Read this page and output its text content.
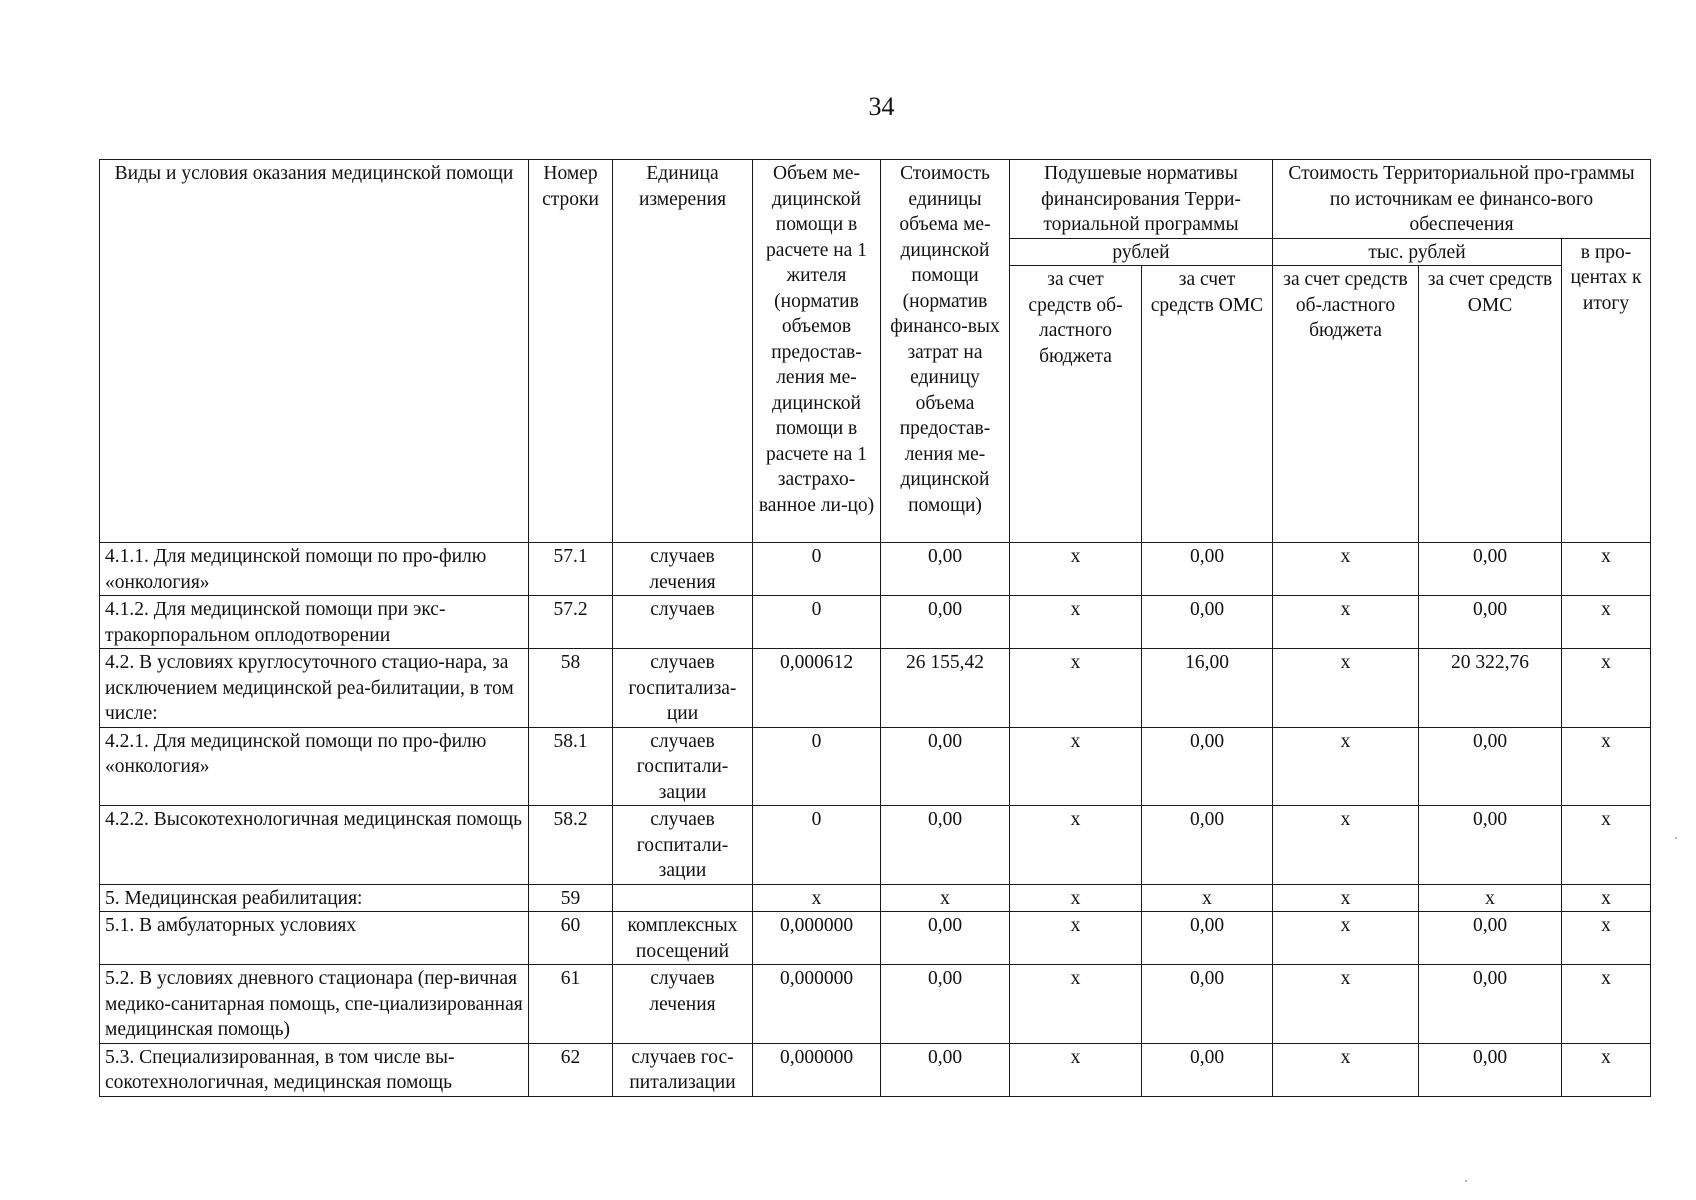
34
Виды и условия оказания медицинской помощи	Номер строки	Единица измерения	Объем ме-дицинской помощи в расчете на 1 жителя (норматив объемов предостав-ления ме-дицинской помощи в расчете на 1 застрахо-ванное ли-цо)	Стоимость единицы объема ме-дицинской помощи (норматив финансо-вых затрат на единицу объема предостав-ления ме-дицинской помощи)	Подушевые нормативы финансирования Терри-ториальной программы		Стоимость Территориальной про-граммы по источникам ее финансо-вого обеспечения		
					рублей		тыс. рублей		в про-центах к итогу
					за счет средств об-ластного бюджета	за счет средств ОМС	за счет средств об-ластного бюджета	за счет средств ОМС	
4.1.1. Для медицинской помощи по про-филю «онкология»	57.1	случаев лечения	0	0,00	x	0,00	x	0,00	x
4.1.2. Для медицинской помощи при экс-тракорпоральном оплодотворении	57.2	случаев	0	0,00	x	0,00	x	0,00	x
4.2. В условиях круглосуточного стацио-нара, за исключением медицинской реа-билитации, в том числе:	58	случаев госпитализа-ции	0,000612	26 155,42	x	16,00	x	20 322,76	x
4.2.1. Для медицинской помощи по про-филю «онкология»	58.1	случаев госпитали-зации	0	0,00	x	0,00	x	0,00	x
4.2.2. Высокотехнологичная медицинская помощь	58.2	случаев госпитали-зации	0	0,00	x	0,00	x	0,00	x
5. Медицинская реабилитация:	59		x	x	x	x	x	x	x
5.1. В амбулаторных условиях	60	комплексных посещений	0,000000	0,00	x	0,00	x	0,00	x
5.2. В условиях дневного стационара (пер-вичная медико-санитарная помощь, спе-циализированная медицинская помощь)	61	случаев лечения	0,000000	0,00	x	0,00	x	0,00	x
5.3. Специализированная, в том числе вы-сокотехнологичная, медицинская помощь	62	случаев гос-питализации	0,000000	0,00	x	0,00	x	0,00	x
